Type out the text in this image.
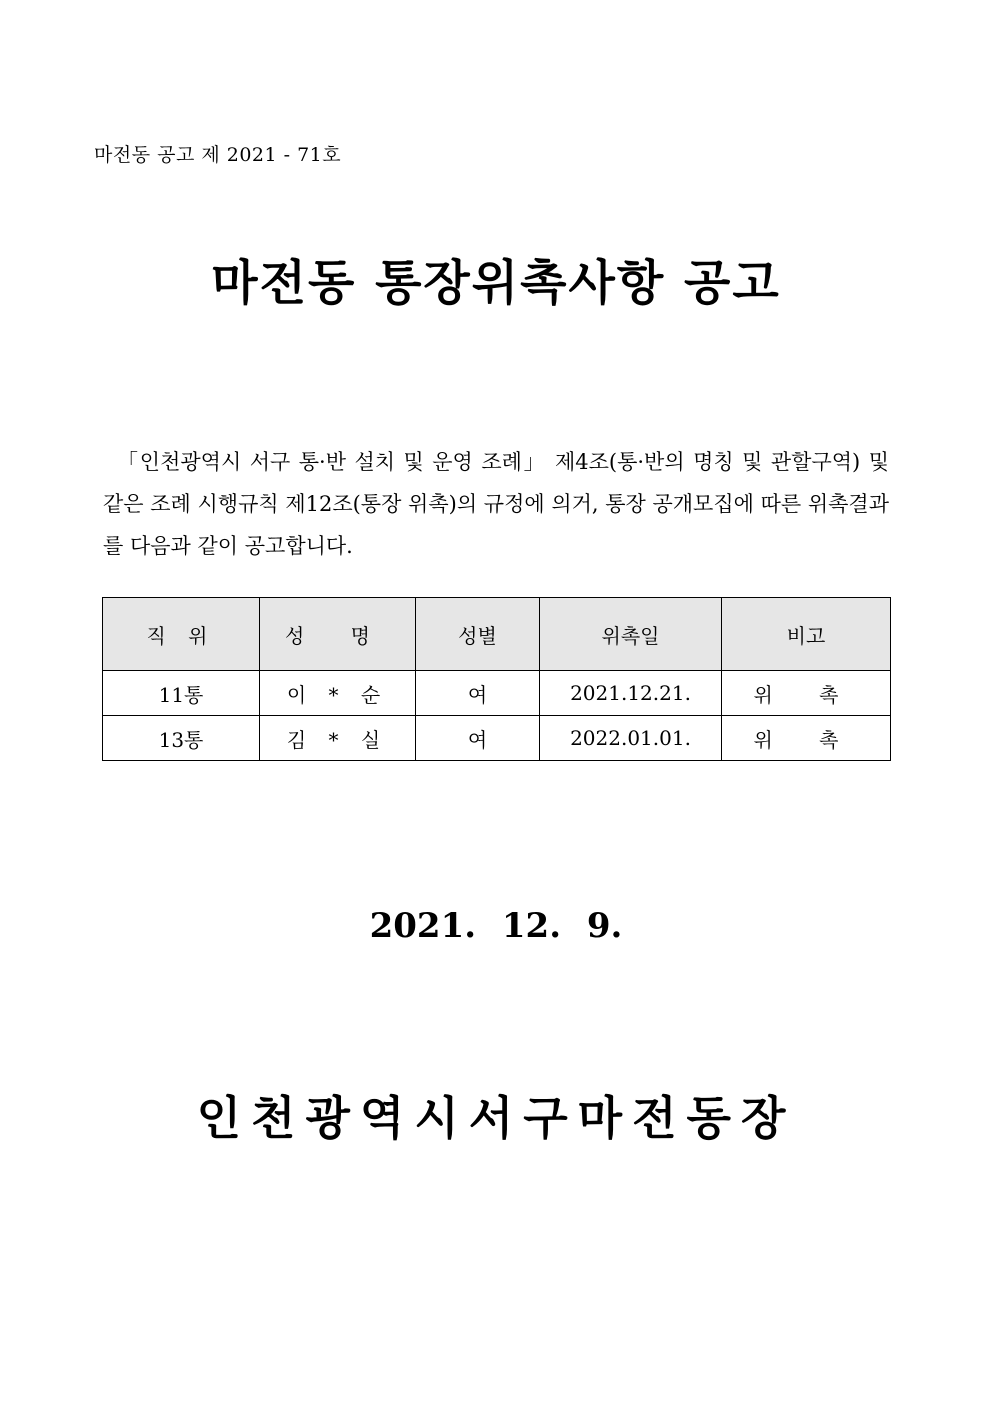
마전동 공고 제 2021 - 71호
마전동 통장위촉사항 공고

「인천광역시 서구 통·반 설치 및 운영 조례」 제4조(통·반의 명칭 및 관할구역) 및 같은 조례 시행규칙 제12조(통장 위촉)의 규정에 의거, 통장 공개모집에 따른 위촉결과를 다음과 같이 공고합니다.

직 위	성 명	성별	위촉일	비고
11통	이 * 순	여	2021.12.21.	위 촉
13통	김 * 실	여	2022.01.01.	위 촉
2021. 12. 9.
인천광역시서구마전동장
